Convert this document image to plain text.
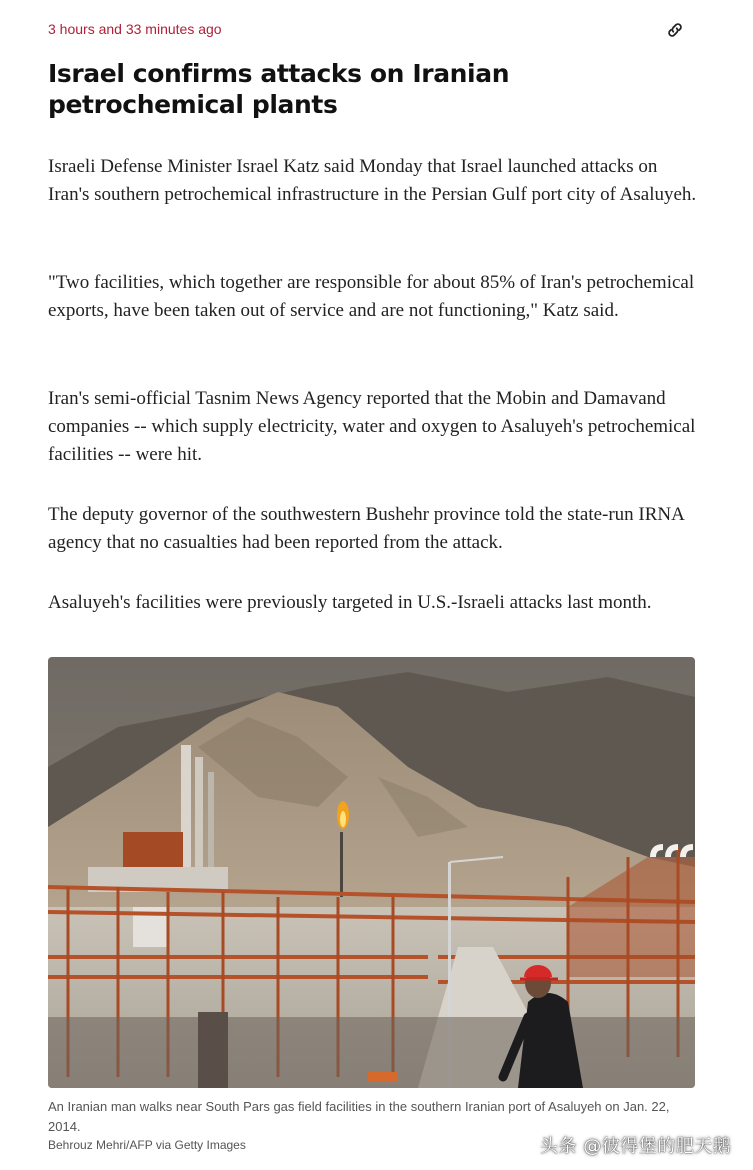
3 hours and 33 minutes ago
Israel confirms attacks on Iranian petrochemical plants

Israeli Defense Minister Israel Katz said Monday that Israel launched attacks on Iran's southern petrochemical infrastructure in the Persian Gulf port city of Asaluyeh.

"Two facilities, which together are responsible for about 85% of Iran's petrochemical exports, have been taken out of service and are not functioning," Katz said.

Iran's semi-official Tasnim News Agency reported that the Mobin and Damavand companies -- which supply electricity, water and oxygen to Asaluyeh's petrochemical facilities -- were hit.

The deputy governor of the southwestern Bushehr province told the state-run IRNA agency that no casualties had been reported from the attack.

Asaluyeh's facilities were previously targeted in U.S.-Israeli attacks last month.

An Iranian man walks near South Pars gas field facilities in the southern Iranian port of Asaluyeh on Jan. 22, 2014.

Behrouz Mehri/AFP via Getty Images	头条 @彼得堡的肥天鹅
